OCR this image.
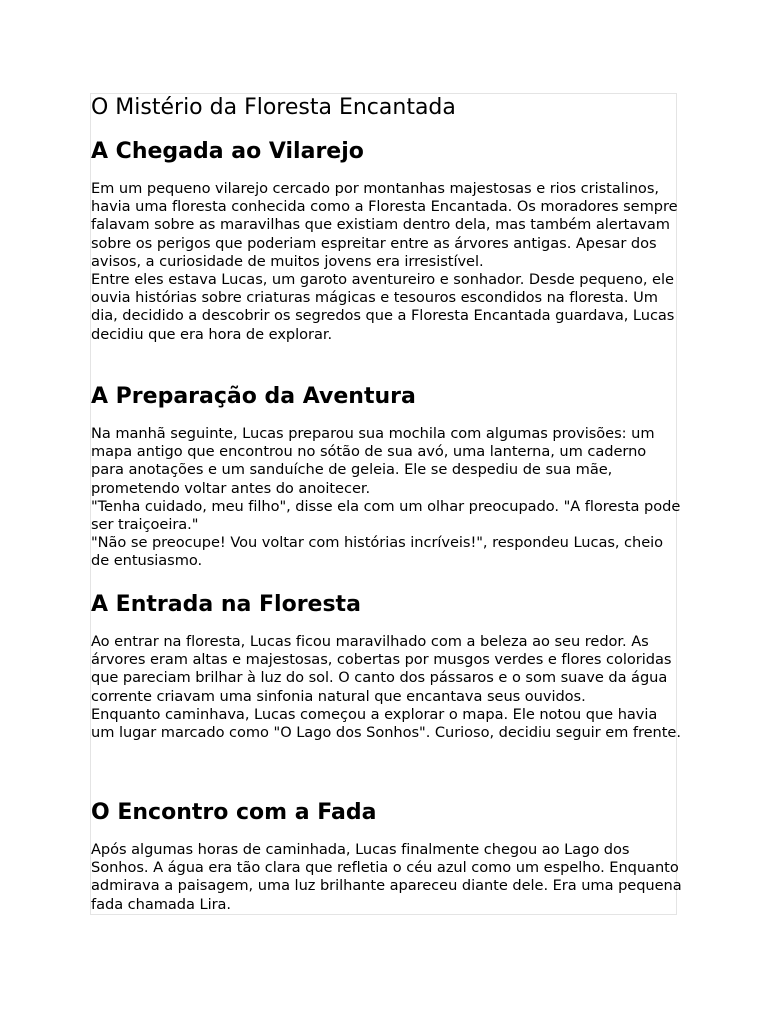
O Mistério da Floresta Encantada
A Chegada ao Vilarejo

Em um pequeno vilarejo cercado por montanhas majestosas e rios cristalinos, havia uma floresta conhecida como a Floresta Encantada. Os moradores sempre falavam sobre as maravilhas que existiam dentro dela, mas também alertavam sobre os perigos que poderiam espreitar entre as árvores antigas. Apesar dos avisos, a curiosidade de muitos jovens era irresistível.

Entre eles estava Lucas, um garoto aventureiro e sonhador. Desde pequeno, ele ouvia histórias sobre criaturas mágicas e tesouros escondidos na floresta. Um dia, decidido a descobrir os segredos que a Floresta Encantada guardava, Lucas decidiu que era hora de explorar.

A Preparação da Aventura

Na manhã seguinte, Lucas preparou sua mochila com algumas provisões: um mapa antigo que encontrou no sótão de sua avó, uma lanterna, um caderno para anotações e um sanduíche de geleia. Ele se despediu de sua mãe, prometendo voltar antes do anoitecer.

"Tenha cuidado, meu filho", disse ela com um olhar preocupado. "A floresta pode ser traiçoeira."

"Não se preocupe! Vou voltar com histórias incríveis!", respondeu Lucas, cheio de entusiasmo.

A Entrada na Floresta

Ao entrar na floresta, Lucas ficou maravilhado com a beleza ao seu redor. As árvores eram altas e majestosas, cobertas por musgos verdes e flores coloridas que pareciam brilhar à luz do sol. O canto dos pássaros e o som suave da água corrente criavam uma sinfonia natural que encantava seus ouvidos.

Enquanto caminhava, Lucas começou a explorar o mapa. Ele notou que havia um lugar marcado como "O Lago dos Sonhos". Curioso, decidiu seguir em frente.

O Encontro com a Fada

Após algumas horas de caminhada, Lucas finalmente chegou ao Lago dos Sonhos. A água era tão clara que refletia o céu azul como um espelho. Enquanto admirava a paisagem, uma luz brilhante apareceu diante dele. Era uma pequena fada chamada Lira.
